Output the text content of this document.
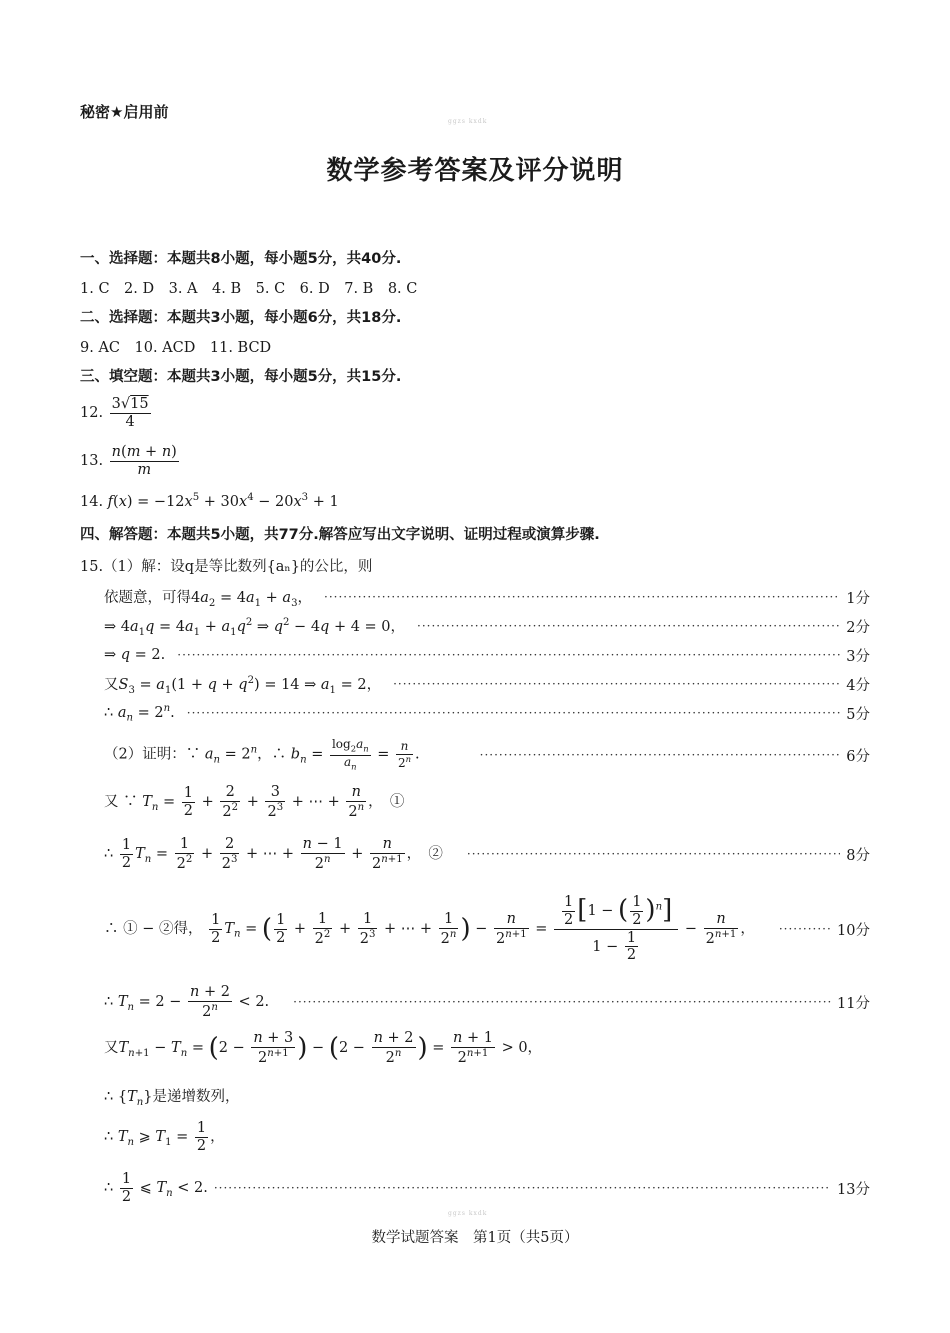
ggzs kxdk
秘密★启用前
数学参考答案及评分说明
一、选择题：本题共8小题，每小题5分，共40分.
1. C　2. D　3. A　4. B　5. C　6. D　7. B　8. C
二、选择题：本题共3小题，每小题6分，共18分.
9. AC　10. ACD　11. BCD
三、填空题：本题共3小题，每小题5分，共15分.
12. $\frac{3√15}{4}$
13. $\frac{n(m + n)}{m}$
14. $f(x) = -12x^5 + 30x^4 - 20x^3 + 1$
四、解答题：本题共5小题，共77分.解答应写出文字说明、证明过程或演算步骤.
15.（1）解：设q是等比数列{aₙ}的公比，则
依题意，可得$4a_2 = 4a_1 + a_3$， ·····	1分
⇒ $4a_1q = 4a_1 + a_1q^2$ ⇒ $q^2 - 4q + 4 = 0$， ·····	2分
⇒ q = 2. ·····	3分
又$S_3 = a_1(1 + q + q^2) = 14$ ⇒ $a_1 = 2$， ·····	4分
∴ $a_n = 2^n$. ·····	5分
（2）证明：∵ $a_n = 2^n$，∴ $b_n = \frac{\log_2a_n}{a_n} = \frac{n}{2^n}$ . ·····	6分
又 ∵ $T_n = \frac{1}{2} + \frac{2}{2^2} + \frac{3}{2^3}$ + ⋯ + $\frac{n}{2^n}$ ，　①
∴ $\frac{1}{2} T_n = \frac{1}{2^2} + \frac{2}{2^3}$ + ⋯ + $\frac{n - 1}{2^n} + \frac{n}{2^{n+1}}$ ，　② ·····	8分
∴ ① − ②得， $\frac{1}{2} T_n$ = ( $\frac{1}{2} + \frac{1}{2^2} + \frac{1}{2^3}$ + ⋯ + $\frac{1}{2^n}$ ) − $\frac{n}{2^{n+1}} = \frac{\frac{1}{2} [1 - ( \frac{1}{2} )^n]}{1 - \frac{1}{2}} - \frac{n}{2^{n+1}}$ ， ·····	10分
∴ $T_n = 2 - \frac{n + 2}{2^n} < 2$. ·····	11分
又$T_{n+1} - T_n = (2 - \frac{n + 3}{2^{n+1}}$ ) − ($2 - \frac{n + 2}{2^n}$ ) = $\frac{n + 1}{2^{n+1}} > 0$，
∴ $\{T_n\}$是递增数列，
∴ $T_n$ ⩾ $T_1 = \frac{1}{2}$ ，
∴ $\frac{1}{2}$ ⩽ $T_n < 2$. ·····	13分
ggzs kxdk
数学试题答案　第1页（共5页）
